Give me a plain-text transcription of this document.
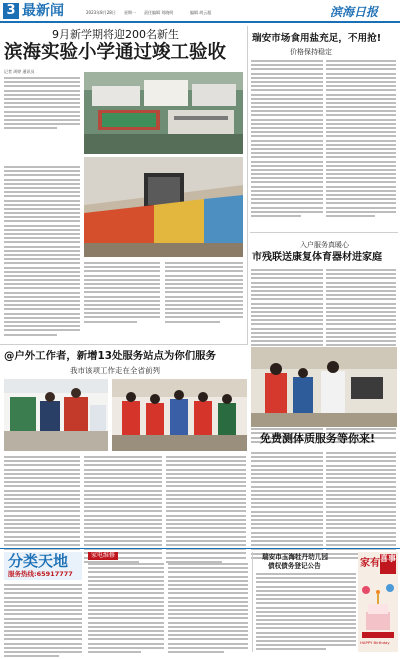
3 最新闻	2023年8月28日 星期一 责任编辑 刘晓明	编辑 胡云超	滨海日报
9月新学期将迎200名新生
滨海实验小学通过竣工验收
记者 周婷 通讯员
瑞安市场食用盐充足，不用抢!
价格保持稳定
入户服务真暖心
市残联送康复体育器材进家庭
@户外工作者，新增13处服务站点为你们服务
我市该项工作走在全省前列
免费测体质服务等你来!
分类天地
服务热线:65917777
家电维修	瑞安市玉海牡丹幼儿园
债权债务登记公告	家有 喜事
HAPPY Birthday
